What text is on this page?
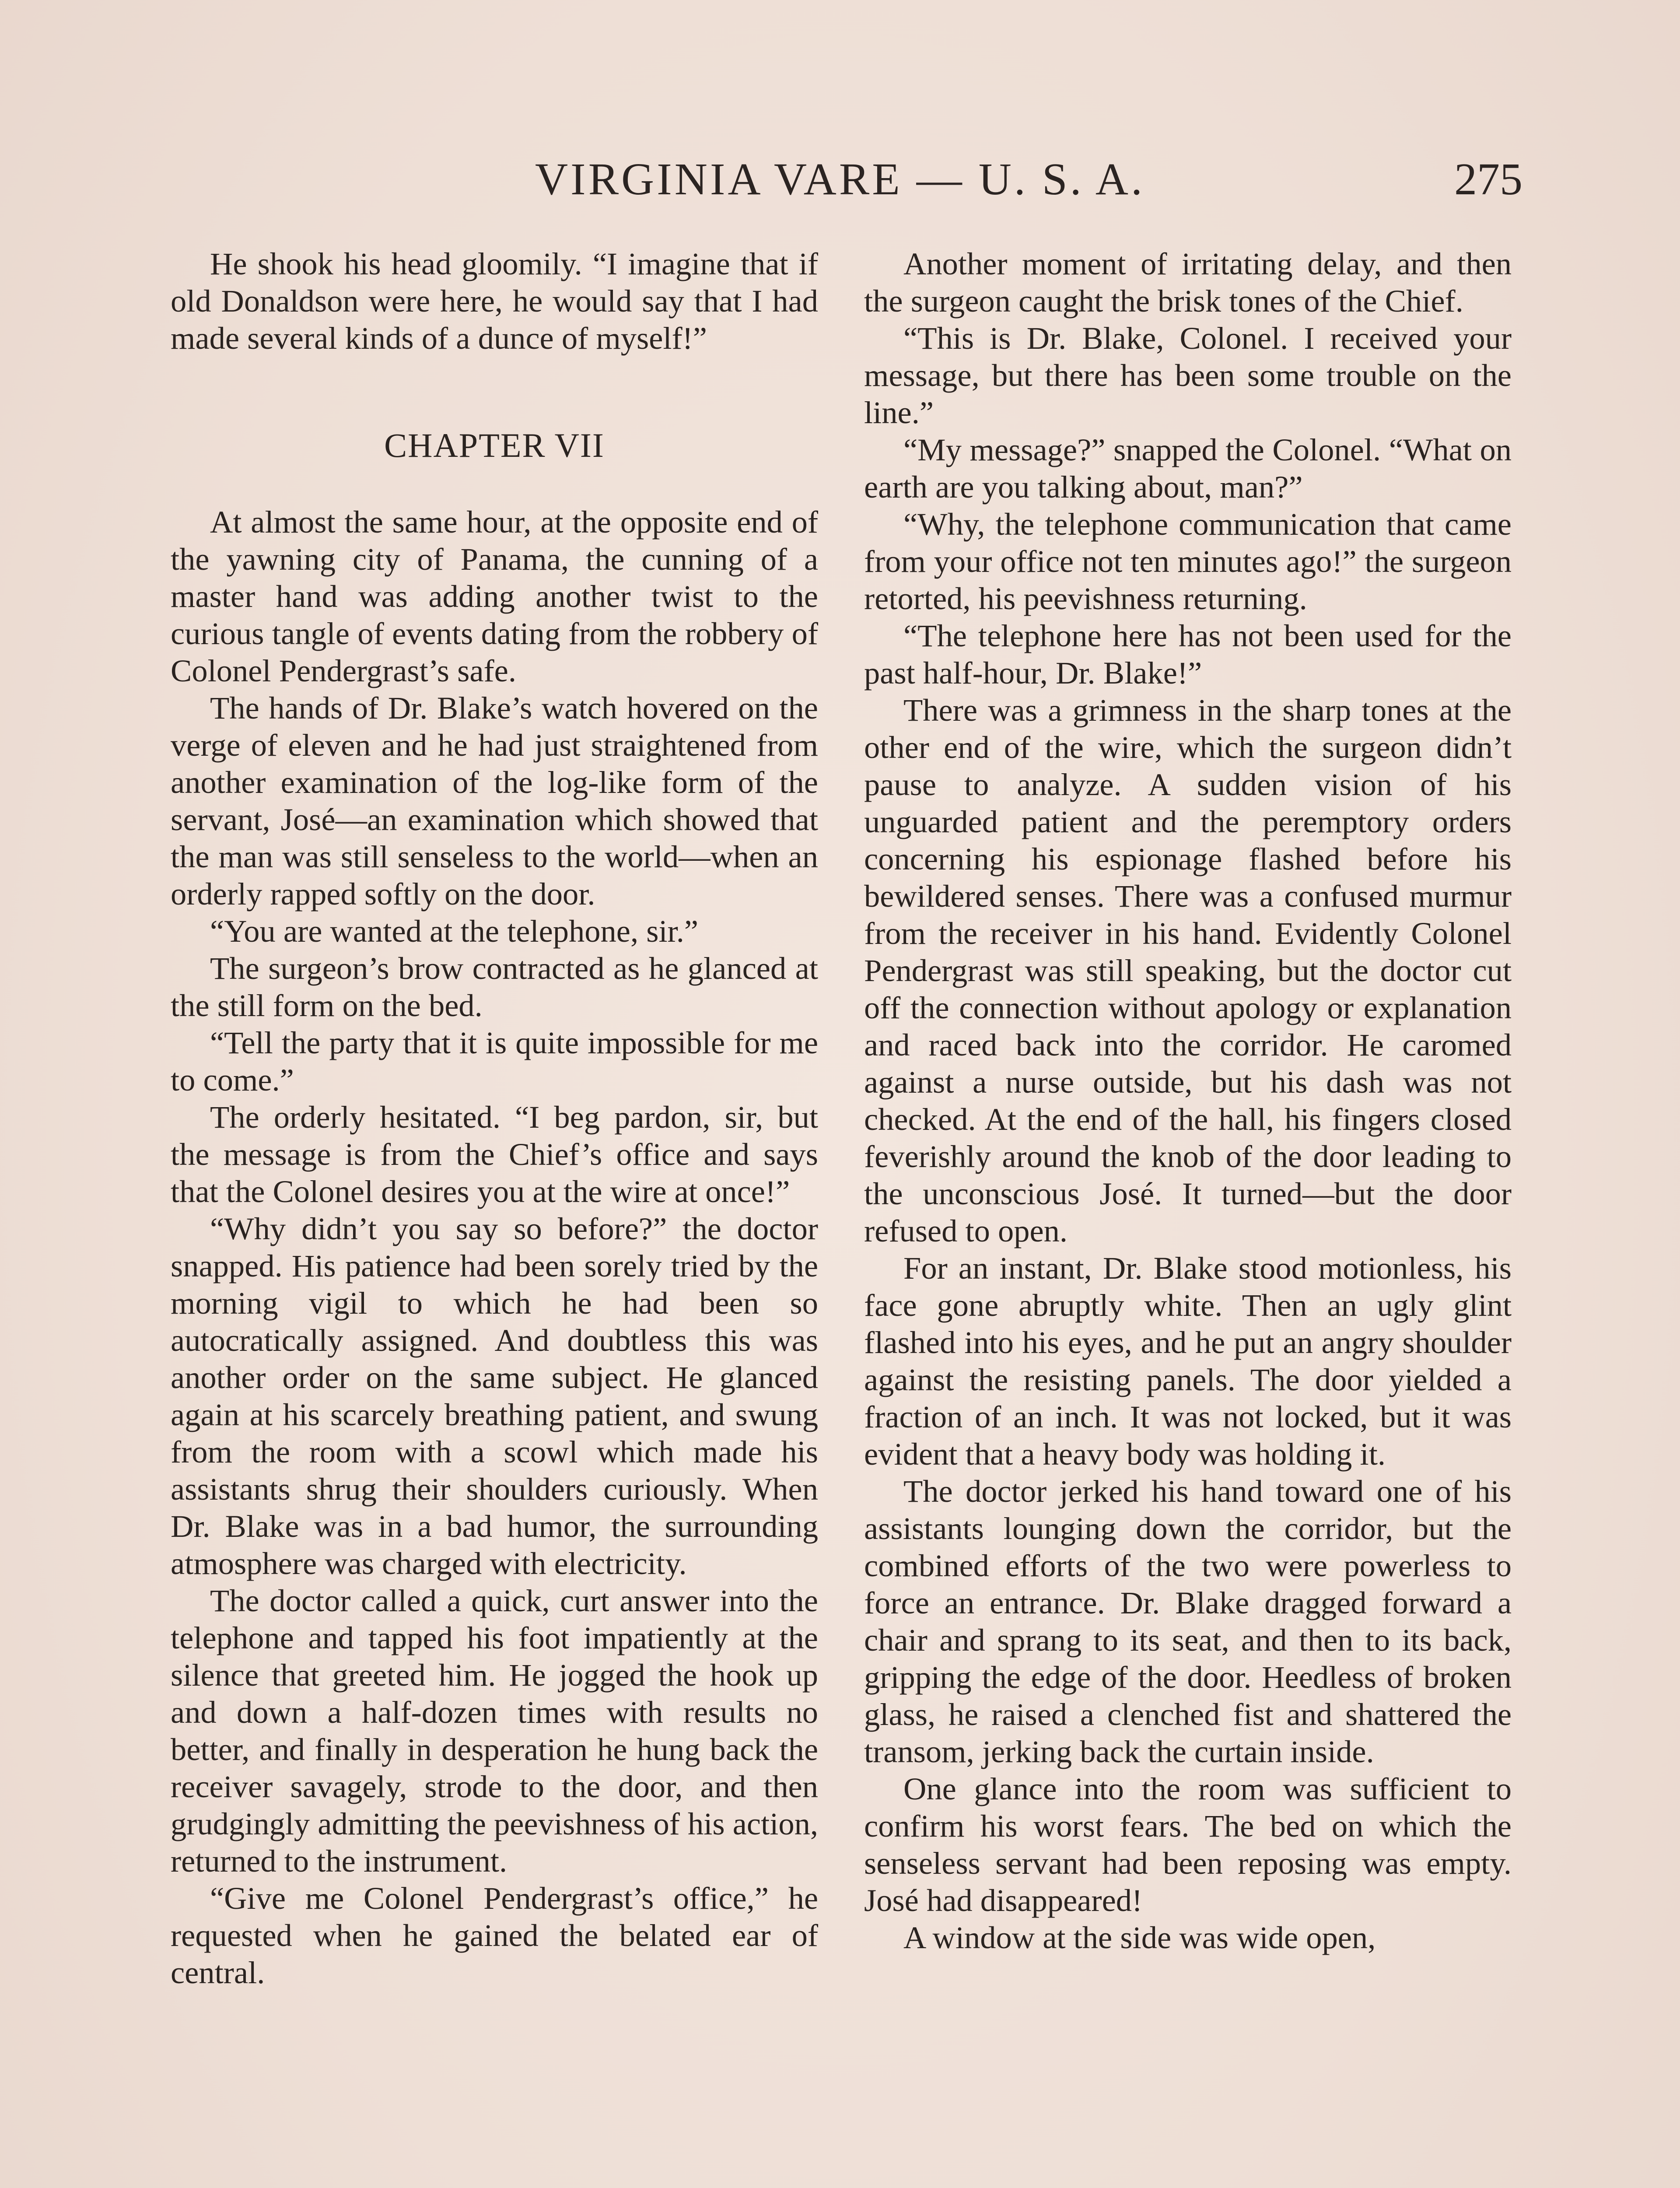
VIRGINIA VARE — U. S. A.	275

He shook his head gloomily. “I imagine that if old Donaldson were here, he would say that I had made several kinds of a dunce of myself!”

CHAPTER VII

At almost the same hour, at the opposite end of the yawning city of Panama, the cunning of a master hand was adding another twist to the curious tangle of events dating from the robbery of Colonel Pendergrast’s safe.

The hands of Dr. Blake’s watch hovered on the verge of eleven and he had just straightened from another examination of the log-like form of the servant, José—an examination which showed that the man was still senseless to the world—when an orderly rapped softly on the door.

“You are wanted at the telephone, sir.”

The surgeon’s brow contracted as he glanced at the still form on the bed.

“Tell the party that it is quite impossible for me to come.”

The orderly hesitated. “I beg pardon, sir, but the message is from the Chief’s office and says that the Colonel desires you at the wire at once!”

“Why didn’t you say so before?” the doctor snapped. His patience had been sorely tried by the morning vigil to which he had been so autocratically assigned. And doubtless this was another order on the same subject. He glanced again at his scarcely breathing patient, and swung from the room with a scowl which made his assistants shrug their shoulders curiously. When Dr. Blake was in a bad humor, the surrounding atmosphere was charged with electricity.

The doctor called a quick, curt answer into the telephone and tapped his foot impatiently at the silence that greeted him. He jogged the hook up and down a half-dozen times with results no better, and finally in desperation he hung back the receiver savagely, strode to the door, and then grudgingly admitting the peevishness of his action, returned to the instrument.

“Give me Colonel Pendergrast’s office,” he requested when he gained the belated ear of central.

Another moment of irritating delay, and then the surgeon caught the brisk tones of the Chief.

“This is Dr. Blake, Colonel. I received your message, but there has been some trouble on the line.”

“My message?” snapped the Colonel. “What on earth are you talking about, man?”

“Why, the telephone communication that came from your office not ten minutes ago!” the surgeon retorted, his peevishness returning.

“The telephone here has not been used for the past half-hour, Dr. Blake!”

There was a grimness in the sharp tones at the other end of the wire, which the surgeon didn’t pause to analyze. A sudden vision of his unguarded patient and the peremptory orders concerning his espionage flashed before his bewildered senses. There was a confused murmur from the receiver in his hand. Evidently Colonel Pendergrast was still speaking, but the doctor cut off the connection without apology or explanation and raced back into the corridor. He caromed against a nurse outside, but his dash was not checked. At the end of the hall, his fingers closed feverishly around the knob of the door leading to the unconscious José. It turned—but the door refused to open.

For an instant, Dr. Blake stood motionless, his face gone abruptly white. Then an ugly glint flashed into his eyes, and he put an angry shoulder against the resisting panels. The door yielded a fraction of an inch. It was not locked, but it was evident that a heavy body was holding it.

The doctor jerked his hand toward one of his assistants lounging down the corridor, but the combined efforts of the two were powerless to force an entrance. Dr. Blake dragged forward a chair and sprang to its seat, and then to its back, gripping the edge of the door. Heedless of broken glass, he raised a clenched fist and shattered the transom, jerking back the curtain inside.

One glance into the room was sufficient to confirm his worst fears. The bed on which the senseless servant had been reposing was empty. José had disappeared!

A window at the side was wide open,
